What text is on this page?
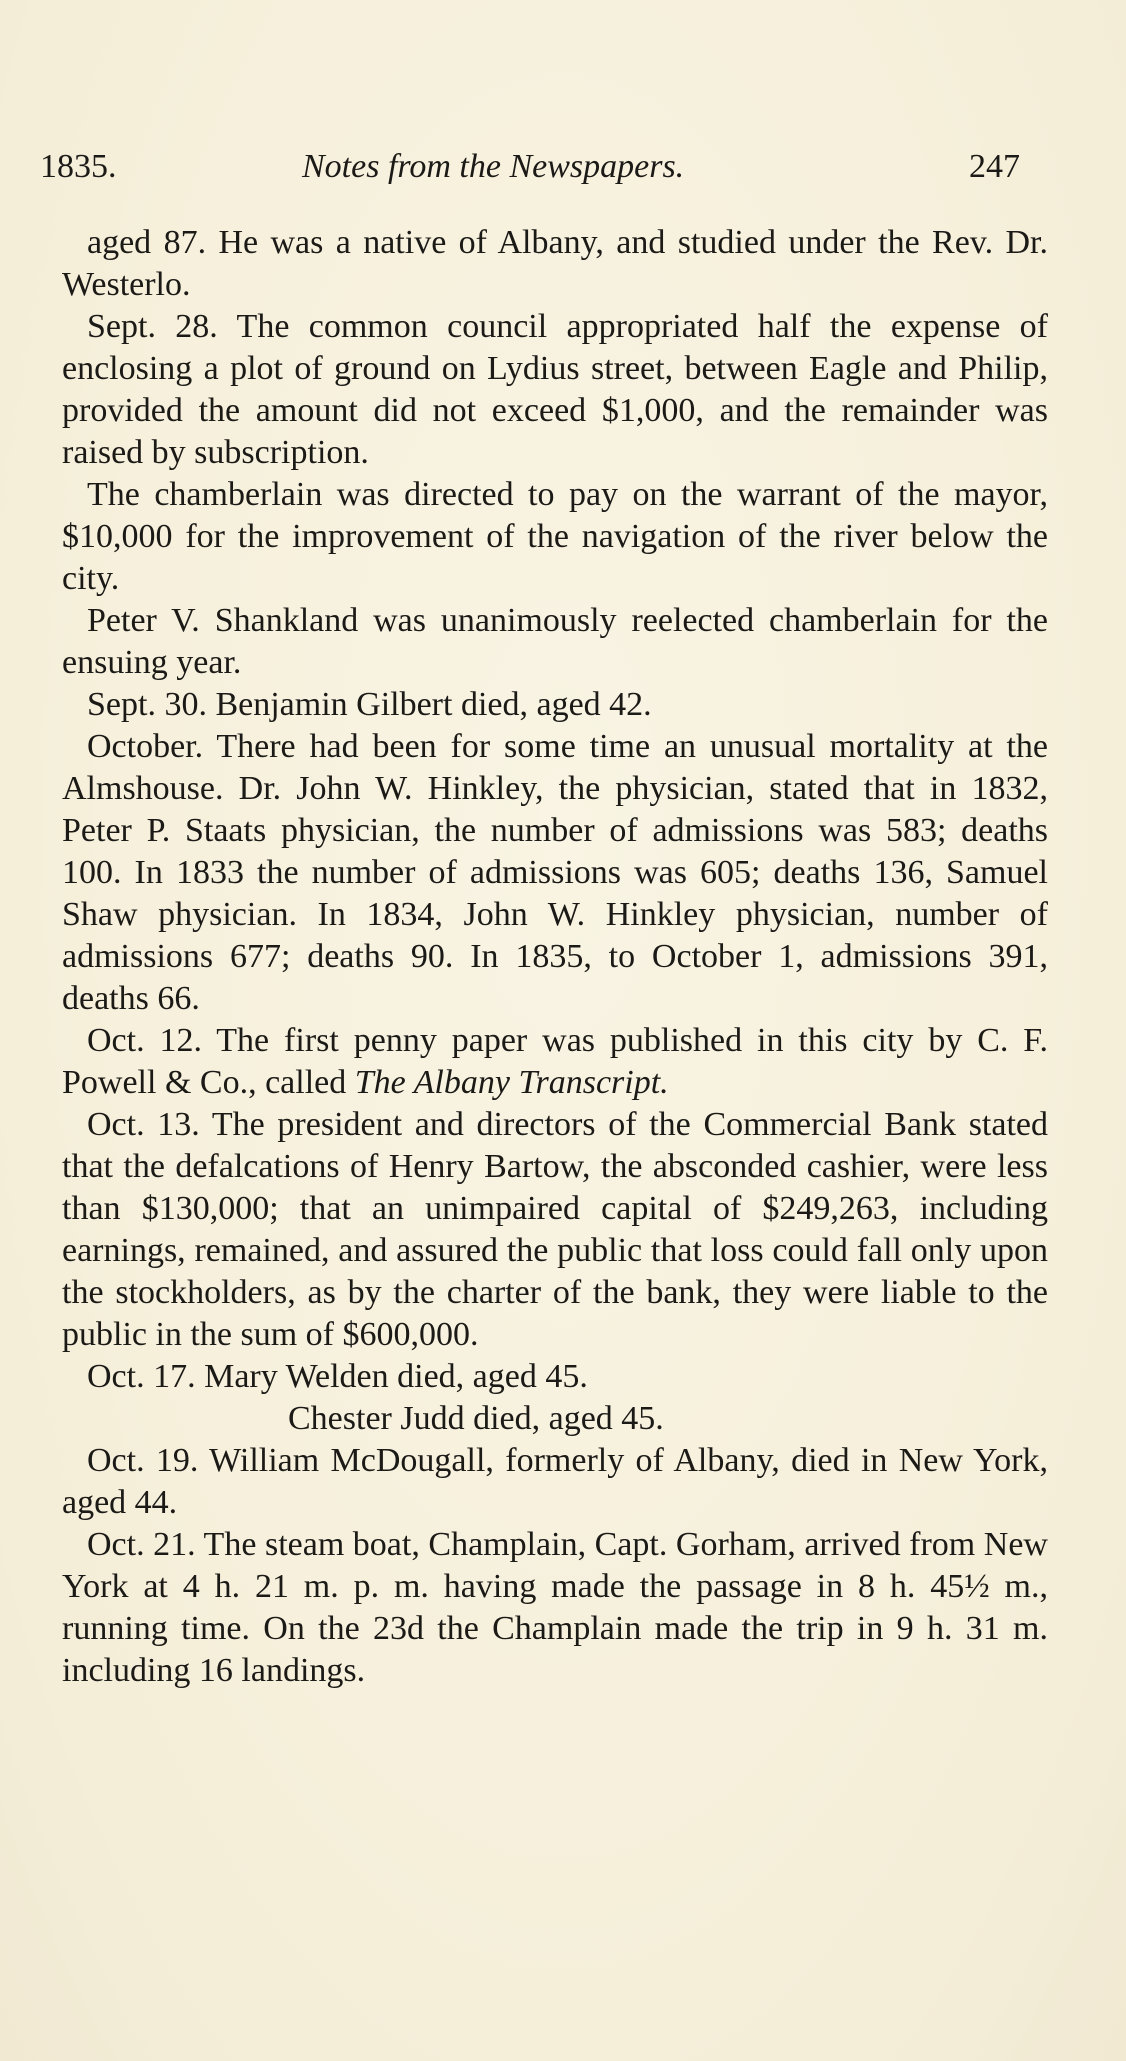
1835.	Notes from the Newspapers.	247

aged 87. He was a native of Albany, and studied under the Rev. Dr. Westerlo.

Sept. 28. The common council appropriated half the expense of enclosing a plot of ground on Lydius street, between Eagle and Philip, provided the amount did not exceed $1,000, and the remainder was raised by subscription.

The chamberlain was directed to pay on the warrant of the mayor, $10,000 for the improvement of the navigation of the river below the city.

Peter V. Shankland was unanimously reelected chamberlain for the ensuing year.

Sept. 30. Benjamin Gilbert died, aged 42.

October. There had been for some time an unusual mortality at the Almshouse. Dr. John W. Hinkley, the physician, stated that in 1832, Peter P. Staats physician, the number of admissions was 583; deaths 100. In 1833 the number of admissions was 605; deaths 136, Samuel Shaw physician. In 1834, John W. Hinkley physician, number of admissions 677; deaths 90. In 1835, to October 1, admissions 391, deaths 66.

Oct. 12. The first penny paper was published in this city by C. F. Powell & Co., called The Albany Transcript.

Oct. 13. The president and directors of the Commercial Bank stated that the defalcations of Henry Bartow, the absconded cashier, were less than $130,000; that an unimpaired capital of $249,263, including earnings, remained, and assured the public that loss could fall only upon the stockholders, as by the charter of the bank, they were liable to the public in the sum of $600,000.

Oct. 17. Mary Welden died, aged 45.

Chester Judd died, aged 45.

Oct. 19. William McDougall, formerly of Albany, died in New York, aged 44.

Oct. 21. The steam boat, Champlain, Capt. Gorham, arrived from New York at 4 h. 21 m. p. m. having made the passage in 8 h. 45½ m., running time. On the 23d the Champlain made the trip in 9 h. 31 m. including 16 landings.
